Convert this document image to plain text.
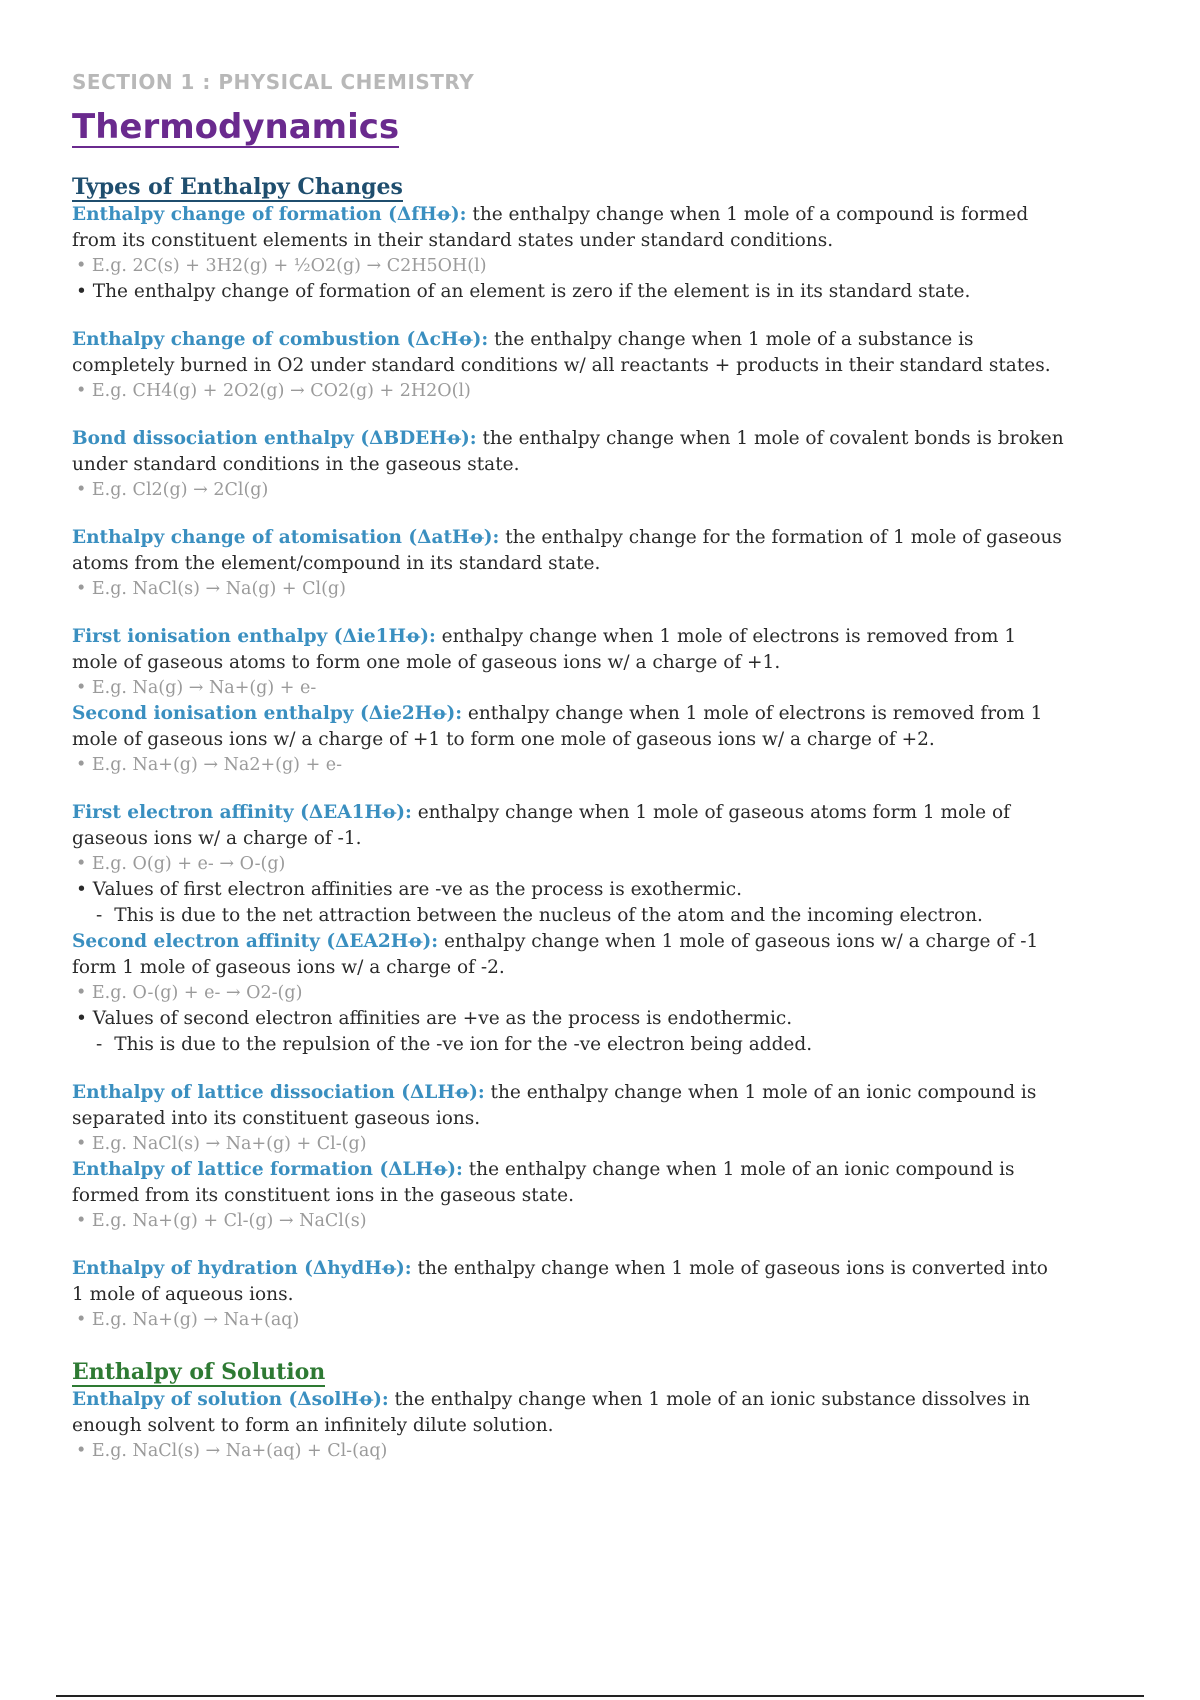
SECTION 1 : PHYSICAL CHEMISTRY

Thermodynamics
Types of Enthalpy Changes

Enthalpy change of formation (ΔfHꝋ): the enthalpy change when 1 mole of a compound is formed
from its constituent elements in their standard states under standard conditions.

• E.g. 2C(s) + 3H2(g) + ½O2(g) → C2H5OH(l)

• The enthalpy change of formation of an element is zero if the element is in its standard state.

Enthalpy change of combustion (ΔcHꝋ): the enthalpy change when 1 mole of a substance is
completely burned in O2 under standard conditions w/ all reactants + products in their standard states.

• E.g. CH4(g) + 2O2(g) → CO2(g) + 2H2O(l)

Bond dissociation enthalpy (ΔBDEHꝋ): the enthalpy change when 1 mole of covalent bonds is broken
under standard conditions in the gaseous state.

• E.g. Cl2(g) → 2Cl(g)

Enthalpy change of atomisation (ΔatHꝋ): the enthalpy change for the formation of 1 mole of gaseous
atoms from the element/compound in its standard state.

• E.g. NaCl(s) → Na(g) + Cl(g)

First ionisation enthalpy (Δie1Hꝋ): enthalpy change when 1 mole of electrons is removed from 1
mole of gaseous atoms to form one mole of gaseous ions w/ a charge of +1.

• E.g. Na(g) → Na+(g) + e-

Second ionisation enthalpy (Δie2Hꝋ): enthalpy change when 1 mole of electrons is removed from 1
mole of gaseous ions w/ a charge of +1 to form one mole of gaseous ions w/ a charge of +2.

• E.g. Na+(g) → Na2+(g) + e-

First electron affinity (ΔEA1Hꝋ): enthalpy change when 1 mole of gaseous atoms form 1 mole of
gaseous ions w/ a charge of -1.

• E.g. O(g) + e- → O-(g)

• Values of first electron affinities are -ve as the process is exothermic.

- This is due to the net attraction between the nucleus of the atom and the incoming electron.

Second electron affinity (ΔEA2Hꝋ): enthalpy change when 1 mole of gaseous ions w/ a charge of -1
form 1 mole of gaseous ions w/ a charge of -2.

• E.g. O-(g) + e- → O2-(g)

• Values of second electron affinities are +ve as the process is endothermic.

- This is due to the repulsion of the -ve ion for the -ve electron being added.

Enthalpy of lattice dissociation (ΔLHꝋ): the enthalpy change when 1 mole of an ionic compound is
separated into its constituent gaseous ions.

• E.g. NaCl(s) → Na+(g) + Cl-(g)

Enthalpy of lattice formation (ΔLHꝋ): the enthalpy change when 1 mole of an ionic compound is
formed from its constituent ions in the gaseous state.

• E.g. Na+(g) + Cl-(g) → NaCl(s)

Enthalpy of hydration (ΔhydHꝋ): the enthalpy change when 1 mole of gaseous ions is converted into
1 mole of aqueous ions.

• E.g. Na+(g) → Na+(aq)

Enthalpy of Solution

Enthalpy of solution (ΔsolHꝋ): the enthalpy change when 1 mole of an ionic substance dissolves in
enough solvent to form an infinitely dilute solution.

• E.g. NaCl(s) → Na+(aq) + Cl-(aq)
